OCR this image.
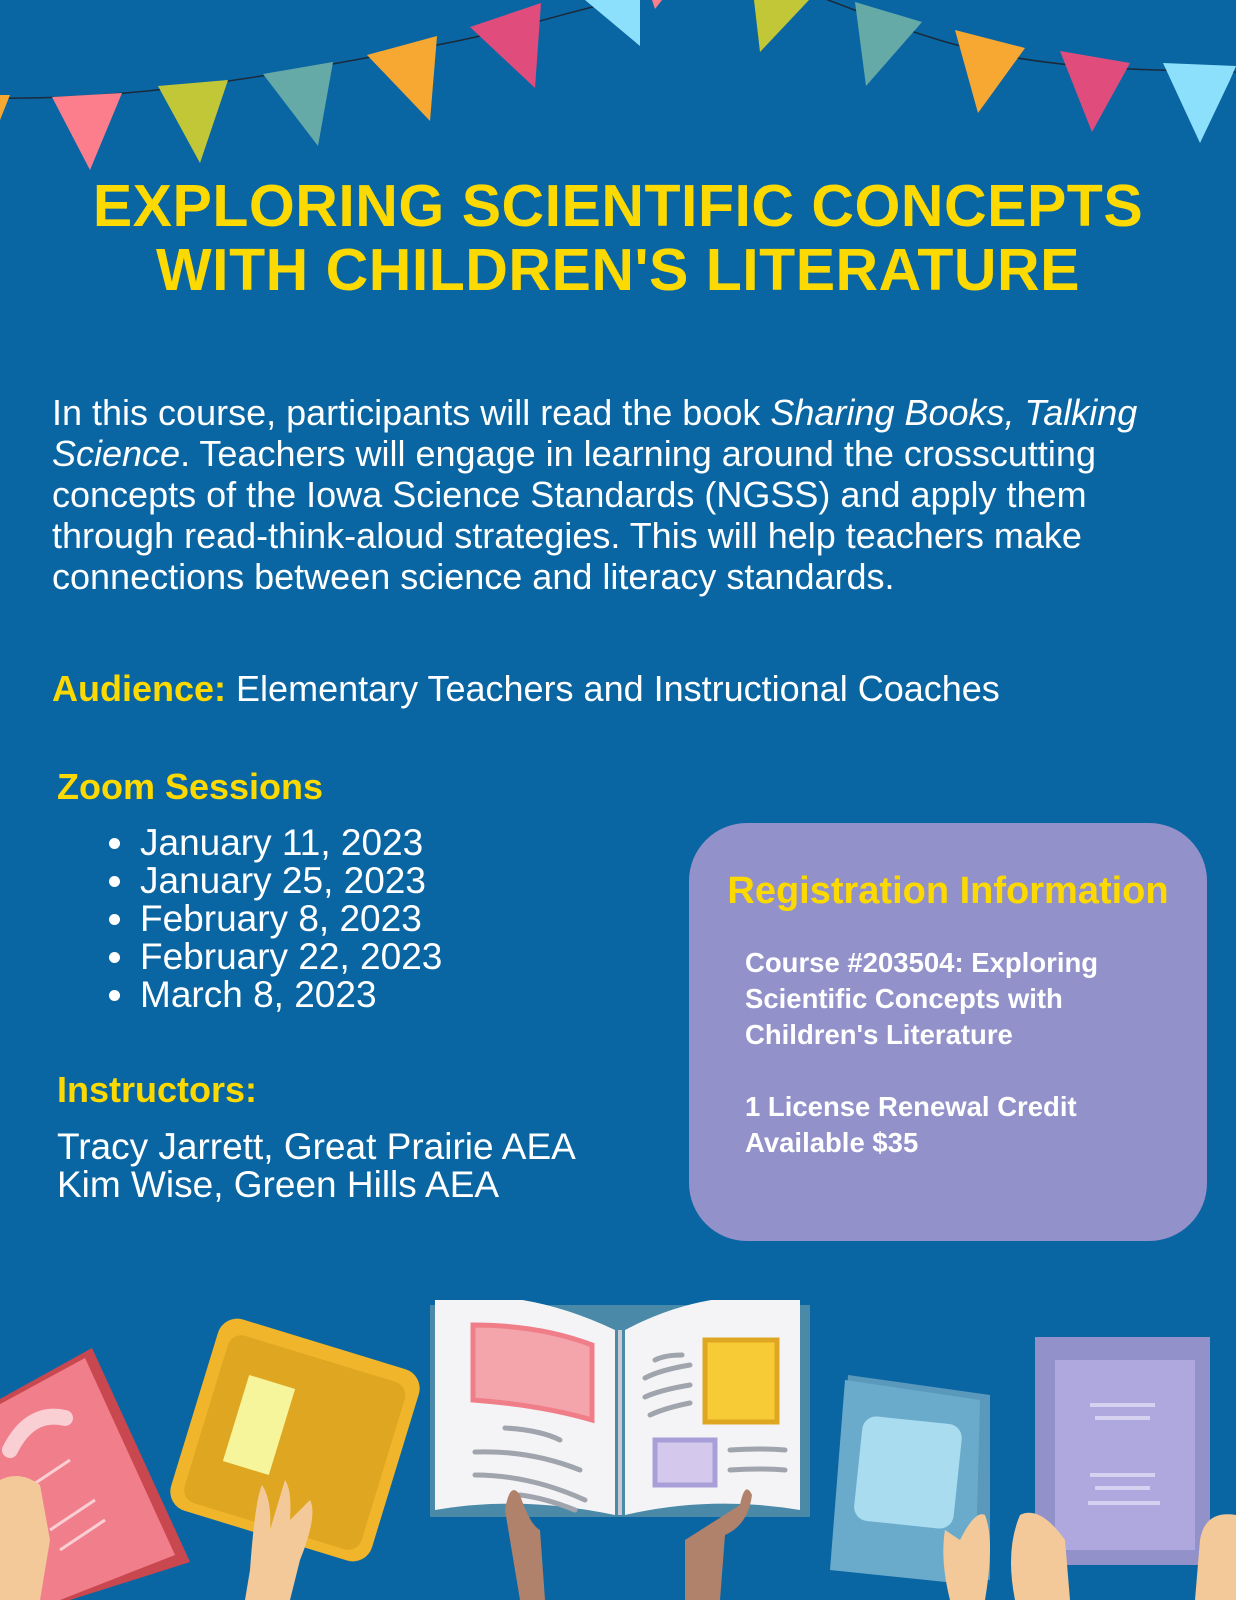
EXPLORING SCIENTIFIC CONCEPTS WITH CHILDREN'S LITERATURE

In this course, participants will read the book Sharing Books, Talking Science. Teachers will engage in learning around the crosscutting concepts of the Iowa Science Standards (NGSS) and apply them through read-think-aloud strategies. This will help teachers make connections between science and literacy standards.

Audience: Elementary Teachers and Instructional Coaches

Zoom Sessions
• January 11, 2023
• January 25, 2023
• February 8, 2023
• February 22, 2023
• March 8, 2023
Instructors:
Tracy Jarrett, Great Prairie AEA
Kim Wise, Green Hills AEA
Registration Information

Course #203504: Exploring Scientific Concepts with Children's Literature

1 License Renewal Credit Available $35
